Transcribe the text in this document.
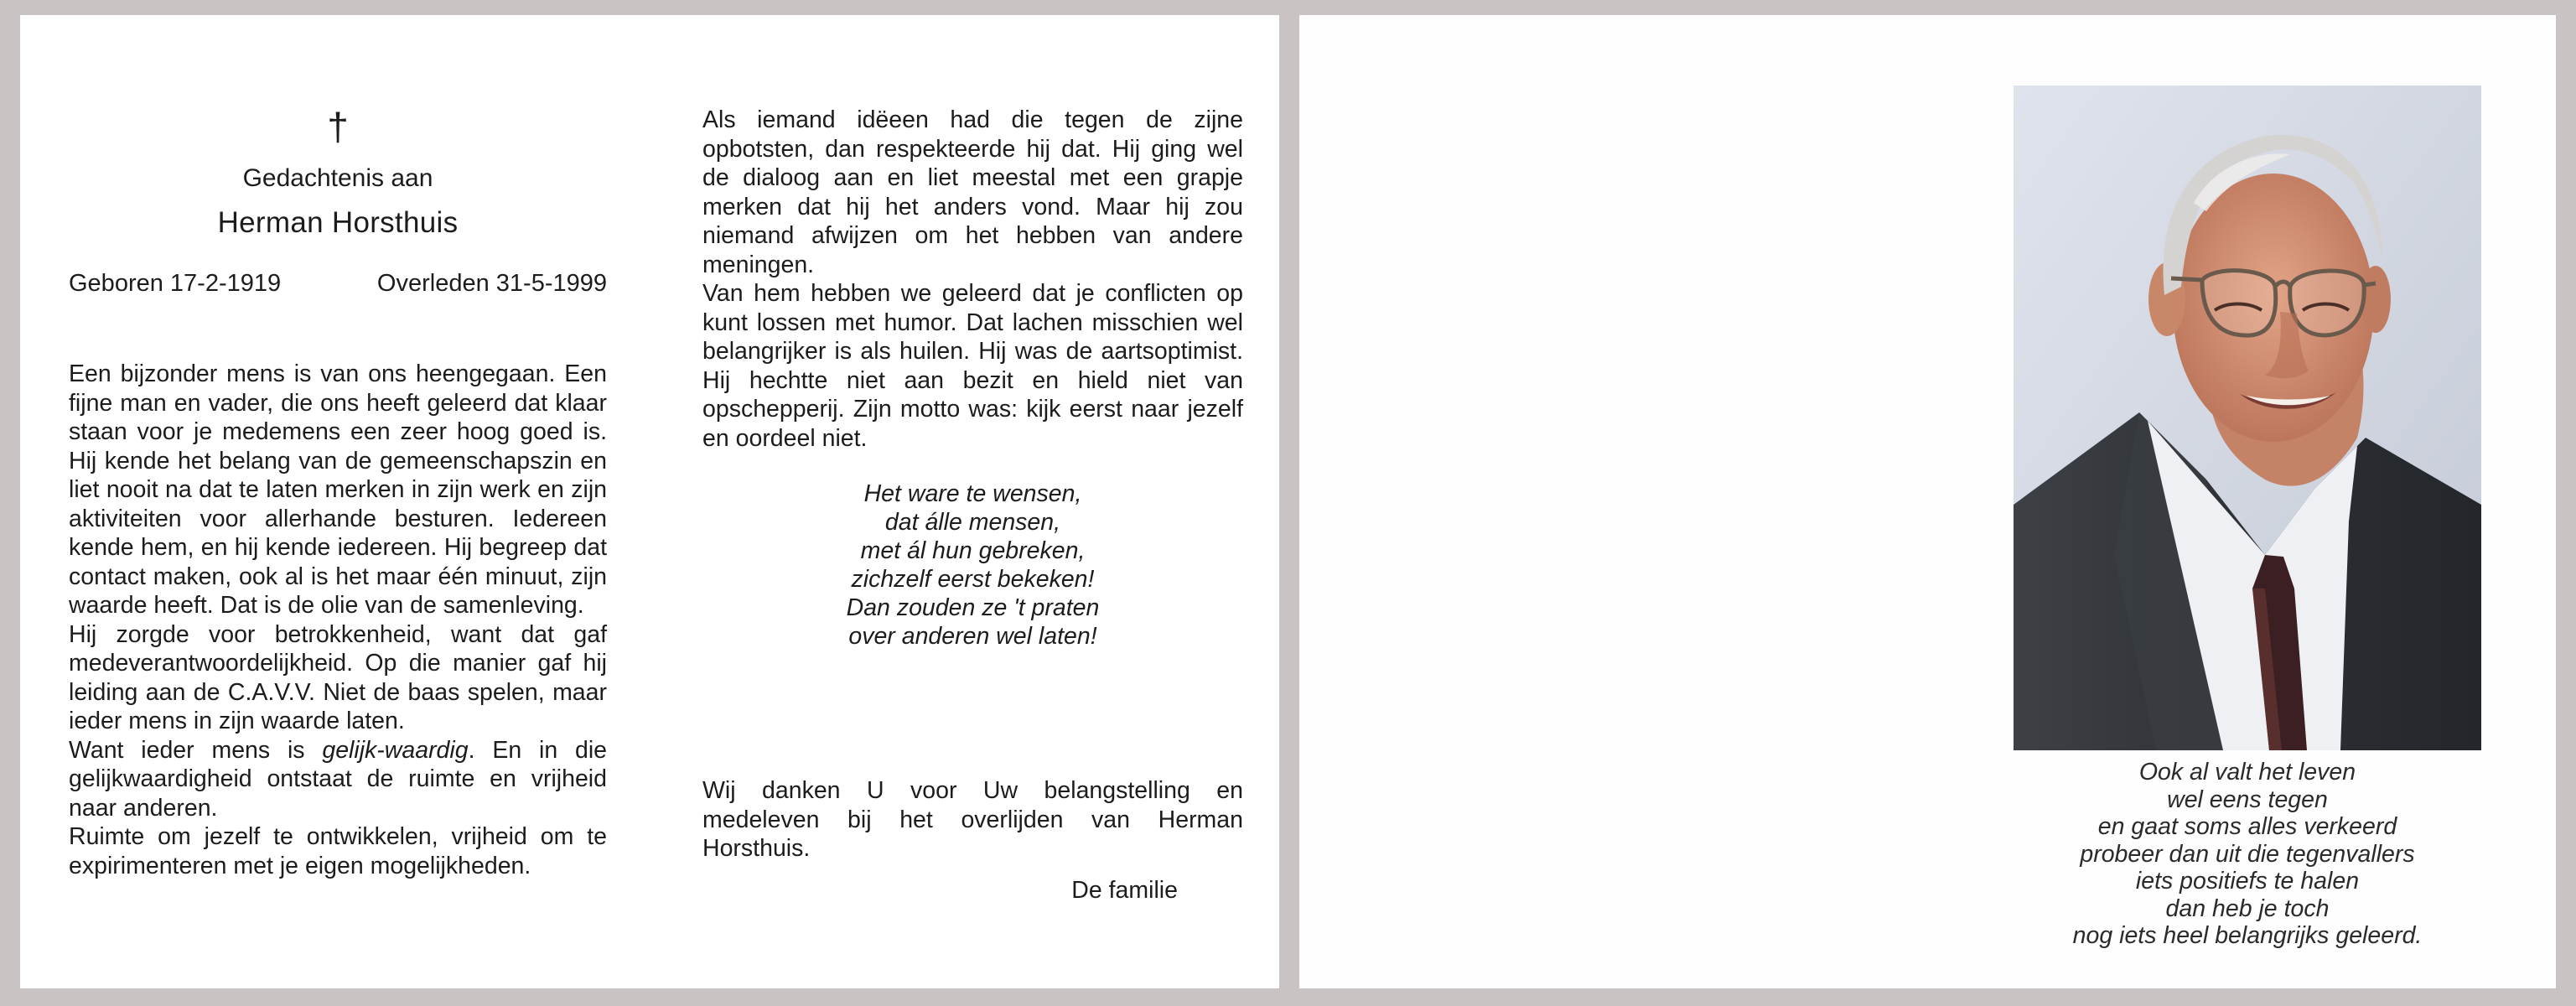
†
Gedachtenis aan
Herman Horsthuis
Geboren 17-2-1919	Overleden 31-5-1999

Een bijzonder mens is van ons heengegaan. Een fijne man en vader, die ons heeft geleerd dat klaar staan voor je medemens een zeer hoog goed is. Hij kende het belang van de gemeenschapszin en liet nooit na dat te laten merken in zijn werk en zijn aktiviteiten voor allerhande besturen. Iedereen kende hem, en hij kende iedereen. Hij begreep dat contact maken, ook al is het maar één minuut, zijn waarde heeft. Dat is de olie van de samenleving.

Hij zorgde voor betrokkenheid, want dat gaf medeverantwoordelijkheid. Op die manier gaf hij leiding aan de C.A.V.V. Niet de baas spelen, maar ieder mens in zijn waarde laten.

Want ieder mens is gelijk-waardig. En in die gelijkwaardigheid ontstaat de ruimte en vrijheid naar anderen.

Ruimte om jezelf te ontwikkelen, vrijheid om te expirimenteren met je eigen mogelijkheden.

Als iemand idëeen had die tegen de zijne opbotsten, dan respekteerde hij dat. Hij ging wel de dialoog aan en liet meestal met een grapje merken dat hij het anders vond. Maar hij zou niemand afwijzen om het hebben van andere meningen.

Van hem hebben we geleerd dat je conflicten op kunt lossen met humor. Dat lachen misschien wel belangrijker is als huilen. Hij was de aartsoptimist. Hij hechtte niet aan bezit en hield niet van opschepperij. Zijn motto was: kijk eerst naar jezelf en oordeel niet.

Het ware te wensen,
dat álle mensen,
met ál hun gebreken,
zichzelf eerst bekeken!
Dan zouden ze 't praten
over anderen wel laten!

Wij danken U voor Uw belangstelling en medeleven bij het overlijden van Herman Horsthuis.

De familie
Ook al valt het leven
wel eens tegen
en gaat soms alles verkeerd
probeer dan uit die tegenvallers
iets positiefs te halen
dan heb je toch
nog iets heel belangrijks geleerd.
